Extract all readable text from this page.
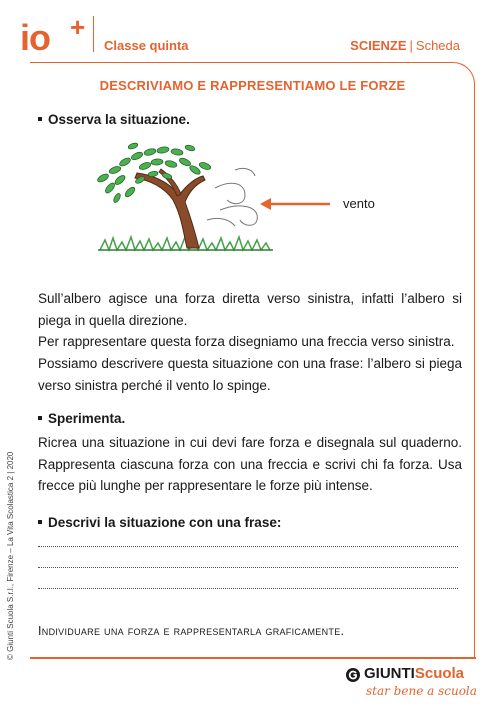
io +
Classe quinta	SCIENZE | Scheda
DESCRIVIAMO E RAPPRESENTIAMO LE FORZE
Osserva la situazione.
vento
Sull’albero agisce una forza diretta verso sinistra, infatti l’albero si piega in quella direzione.
Per rappresentare questa forza disegniamo una freccia verso sinistra.
Possiamo descrivere questa situazione con una frase: l’albero si piega verso sinistra perché il vento lo spinge.
Sperimenta.
Ricrea una situazione in cui devi fare forza e disegnala sul quaderno. Rappresenta ciascuna forza con una freccia e scrivi chi fa forza. Usa frecce più lunghe per rappresentare le forze più intense.
Descrivi la situazione con una frase:
Individuare una forza e rappresentarla graficamente.
© Giunti Scuola S.r.l., Firenze – La Vita Scolastica 2 | 2020
GIUNTIScuola
star bene a scuola
